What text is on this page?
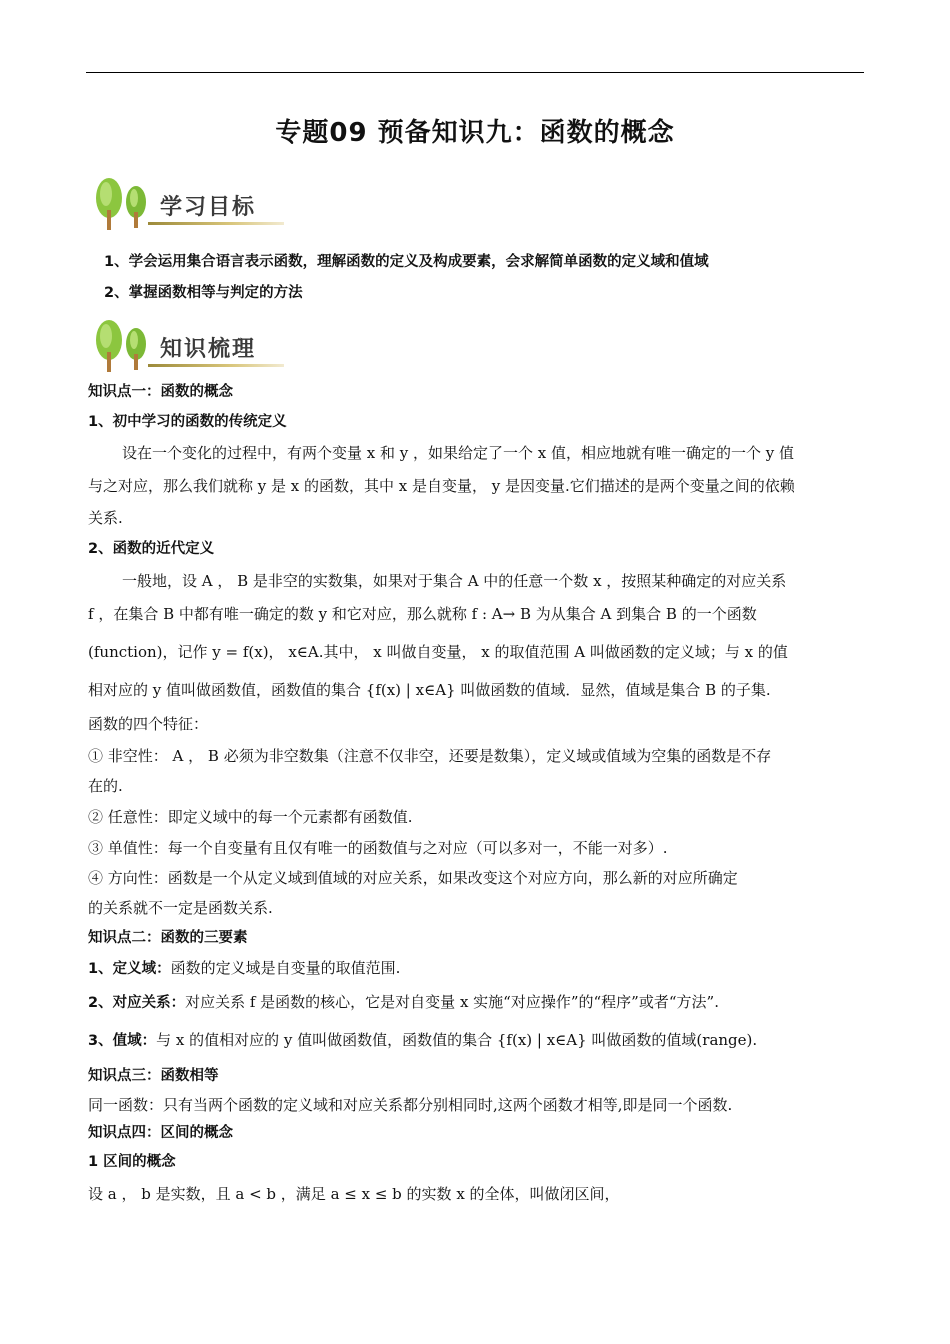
专题09 预备知识九：函数的概念
学习目标
1、学会运用集合语言表示函数，理解函数的定义及构成要素，会求解简单函数的定义域和值域
2、掌握函数相等与判定的方法
知识梳理
知识点一：函数的概念
1、初中学习的函数的传统定义
设在一个变化的过程中，有两个变量 x 和 y ，如果给定了一个 x 值，相应地就有唯一确定的一个 y 值
与之对应，那么我们就称 y 是 x 的函数，其中 x 是自变量， y 是因变量.它们描述的是两个变量之间的依赖
关系.
2、函数的近代定义
一般地，设 A ， B 是非空的实数集，如果对于集合 A 中的任意一个数 x ，按照某种确定的对应关系
f ，在集合 B 中都有唯一确定的数 y 和它对应，那么就称 f : A→ B 为从集合 A 到集合 B 的一个函数
(function)，记作 y = f(x)， x∈A.其中， x 叫做自变量， x 的取值范围 A 叫做函数的定义域；与 x 的值
相对应的 y 值叫做函数值，函数值的集合 {f(x) | x∈A} 叫做函数的值域．显然，值域是集合 B 的子集.
函数的四个特征：
① 非空性： A ， B 必须为非空数集（注意不仅非空，还要是数集），定义域或值域为空集的函数是不存
在的.
② 任意性：即定义域中的每一个元素都有函数值.
③ 单值性：每一个自变量有且仅有唯一的函数值与之对应（可以多对一，不能一对多）.
④ 方向性：函数是一个从定义域到值域的对应关系，如果改变这个对应方向，那么新的对应所确定
的关系就不一定是函数关系.
知识点二：函数的三要素
1、定义域：函数的定义域是自变量的取值范围.
2、对应关系：对应关系 f 是函数的核心，它是对自变量 x 实施“对应操作”的“程序”或者“方法”.
3、值域：与 x 的值相对应的 y 值叫做函数值，函数值的集合 {f(x) | x∈A} 叫做函数的值域(range).
知识点三：函数相等
同一函数：只有当两个函数的定义域和对应关系都分别相同时,这两个函数才相等,即是同一个函数.
知识点四：区间的概念
1 区间的概念
设 a ， b 是实数，且 a < b ，满足 a ≤ x ≤ b 的实数 x 的全体，叫做闭区间，
